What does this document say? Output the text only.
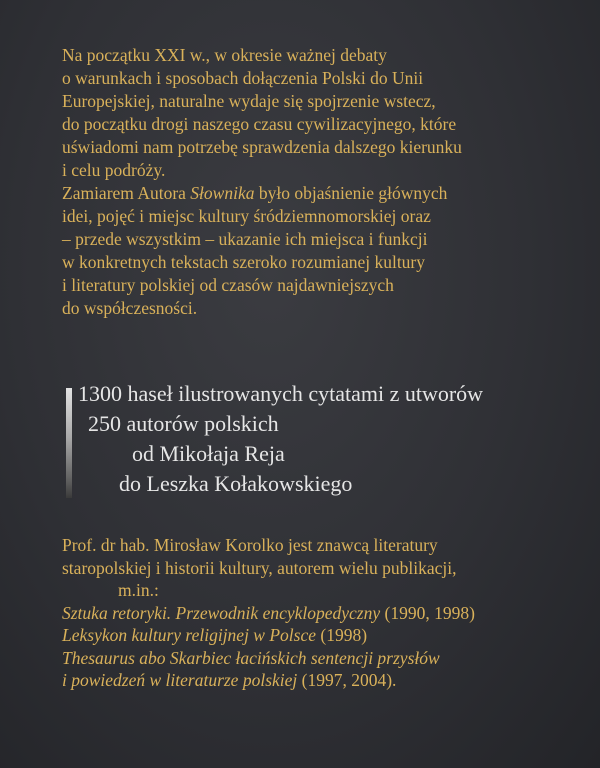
Na początku XXI w., w okresie ważnej debaty
o warunkach i sposobach dołączenia Polski do Unii
Europejskiej, naturalne wydaje się spojrzenie wstecz,
do początku drogi naszego czasu cywilizacyjnego, które
uświadomi nam potrzebę sprawdzenia dalszego kierunku
i celu podróży.
Zamiarem Autora Słownika było objaśnienie głównych
idei, pojęć i miejsc kultury śródziemnomorskiej oraz
– przede wszystkim – ukazanie ich miejsca i funkcji
w konkretnych tekstach szeroko rozumianej kultury
i literatury polskiej od czasów najdawniejszych
do współczesności.
1300 haseł ilustrowanych cytatami z utworów
250 autorów polskich
od Mikołaja Reja
do Leszka Kołakowskiego
Prof. dr hab. Mirosław Korolko jest znawcą literatury
staropolskiej i historii kultury, autorem wielu publikacji,
m.in.:
Sztuka retoryki. Przewodnik encyklopedyczny (1990, 1998)
Leksykon kultury religijnej w Polsce (1998)
Thesaurus abo Skarbiec łacińskich sentencji przysłów
i powiedzeń w literaturze polskiej (1997, 2004).
